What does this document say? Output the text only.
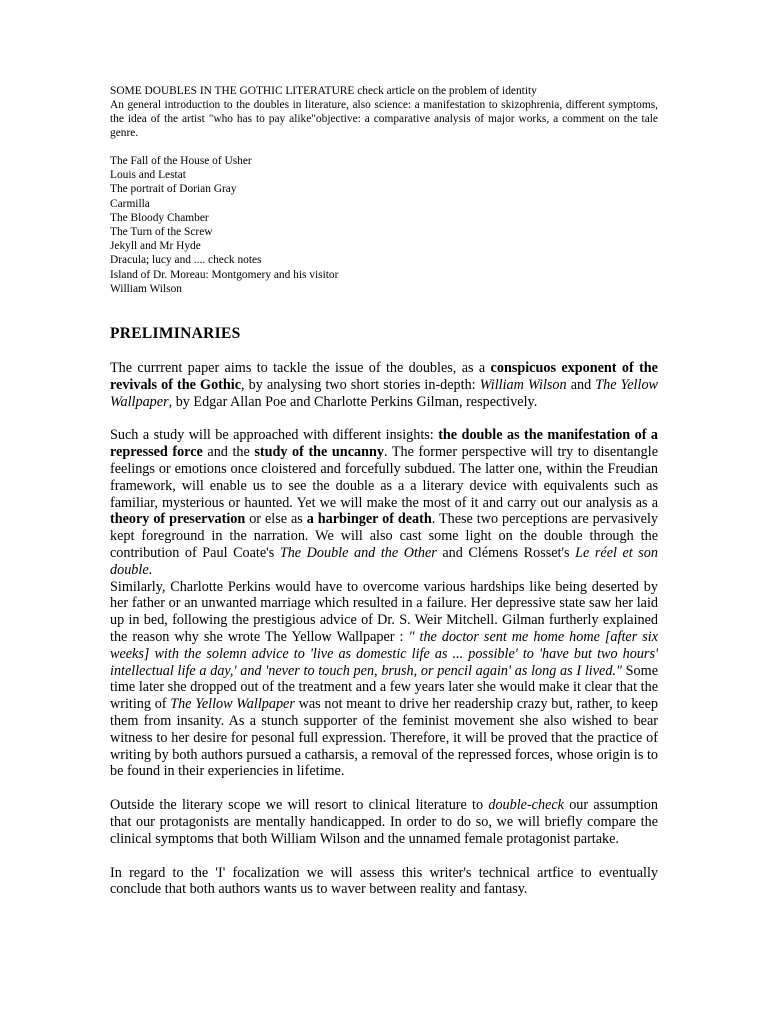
SOME DOUBLES IN THE GOTHIC LITERATURE check article on the problem of identity
An general introduction to the doubles in literature, also science: a manifestation to skizophrenia, different symptoms, the idea of the artist "who has to pay alike"objective: a comparative analysis of major works, a comment on the tale genre.
The Fall of the House of Usher
Louis and Lestat
The portrait of Dorian Gray
Carmilla
The Bloody Chamber
The Turn of the Screw
Jekyll and Mr Hyde
Dracula; lucy and .... check notes
Island of Dr. Moreau: Montgomery and his visitor
William Wilson
PRELIMINARIES

The currrent paper aims to tackle the issue of the doubles, as a conspicuos exponent of the revivals of the Gothic, by analysing two short stories in-depth: William Wilson and The Yellow Wallpaper, by Edgar Allan Poe and Charlotte Perkins Gilman, respectively.

Such a study will be approached with different insights: the double as the manifestation of a repressed force and the study of the uncanny. The former perspective will try to disentangle feelings or emotions once cloistered and forcefully subdued. The latter one, within the Freudian framework, will enable us to see the double as a a literary device with equivalents such as familiar, mysterious or haunted. Yet we will make the most of it and carry out our analysis as a theory of preservation or else as a harbinger of death. These two perceptions are pervasively kept foreground in the narration. We will also cast some light on the double through the contribution of Paul Coate's The Double and the Other and Clémens Rosset's Le réel et son double.

Similarly, Charlotte Perkins would have to overcome various hardships like being deserted by her father or an unwanted marriage which resulted in a failure. Her depressive state saw her laid up in bed, following the prestigious advice of Dr. S. Weir Mitchell. Gilman furtherly explained the reason why she wrote The Yellow Wallpaper : " the doctor sent me home home [after six weeks] with the solemn advice to 'live as domestic life as ... possible' to 'have but two hours' intellectual life a day,' and 'never to touch pen, brush, or pencil again' as long as I lived." Some time later she dropped out of the treatment and a few years later she would make it clear that the writing of The Yellow Wallpaper was not meant to drive her readership crazy but, rather, to keep them from insanity. As a stunch supporter of the feminist movement she also wished to bear witness to her desire for pesonal full expression. Therefore, it will be proved that the practice of writing by both authors pursued a catharsis, a removal of the repressed forces, whose origin is to be found in their experiencies in lifetime.

Outside the literary scope we will resort to clinical literature to double-check our assumption that our protagonists are mentally handicapped. In order to do so, we will briefly compare the clinical symptoms that both William Wilson and the unnamed female protagonist partake.

In regard to the 'I' focalization we will assess this writer's technical artfice to eventually conclude that both authors wants us to waver between reality and fantasy.
